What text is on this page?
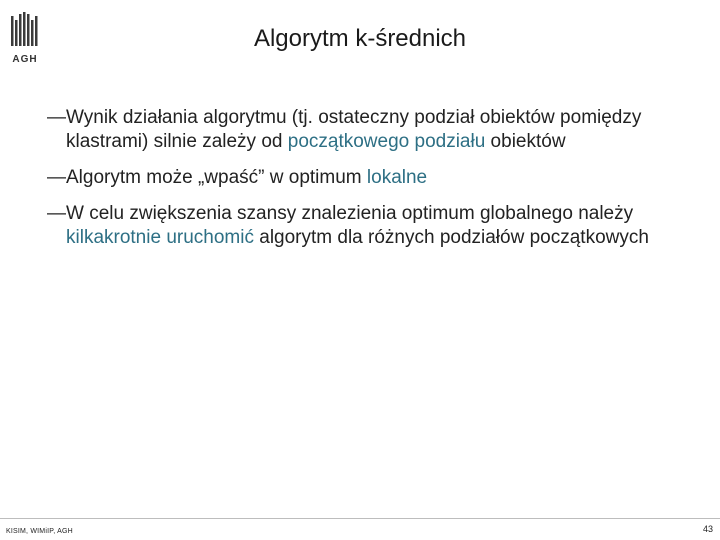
AGH
Algorytm k-średnich
— Wynik działania algorytmu (tj. ostateczny podział obiektów pomiędzy klastrami) silnie zależy od początkowego podziału obiektów
— Algorytm może „wpaść” w optimum lokalne
— W celu zwiększenia szansy znalezienia optimum globalnego należy kilkakrotnie uruchomić algorytm dla różnych podziałów początkowych
KISIM, WIMiIP, AGH	43
